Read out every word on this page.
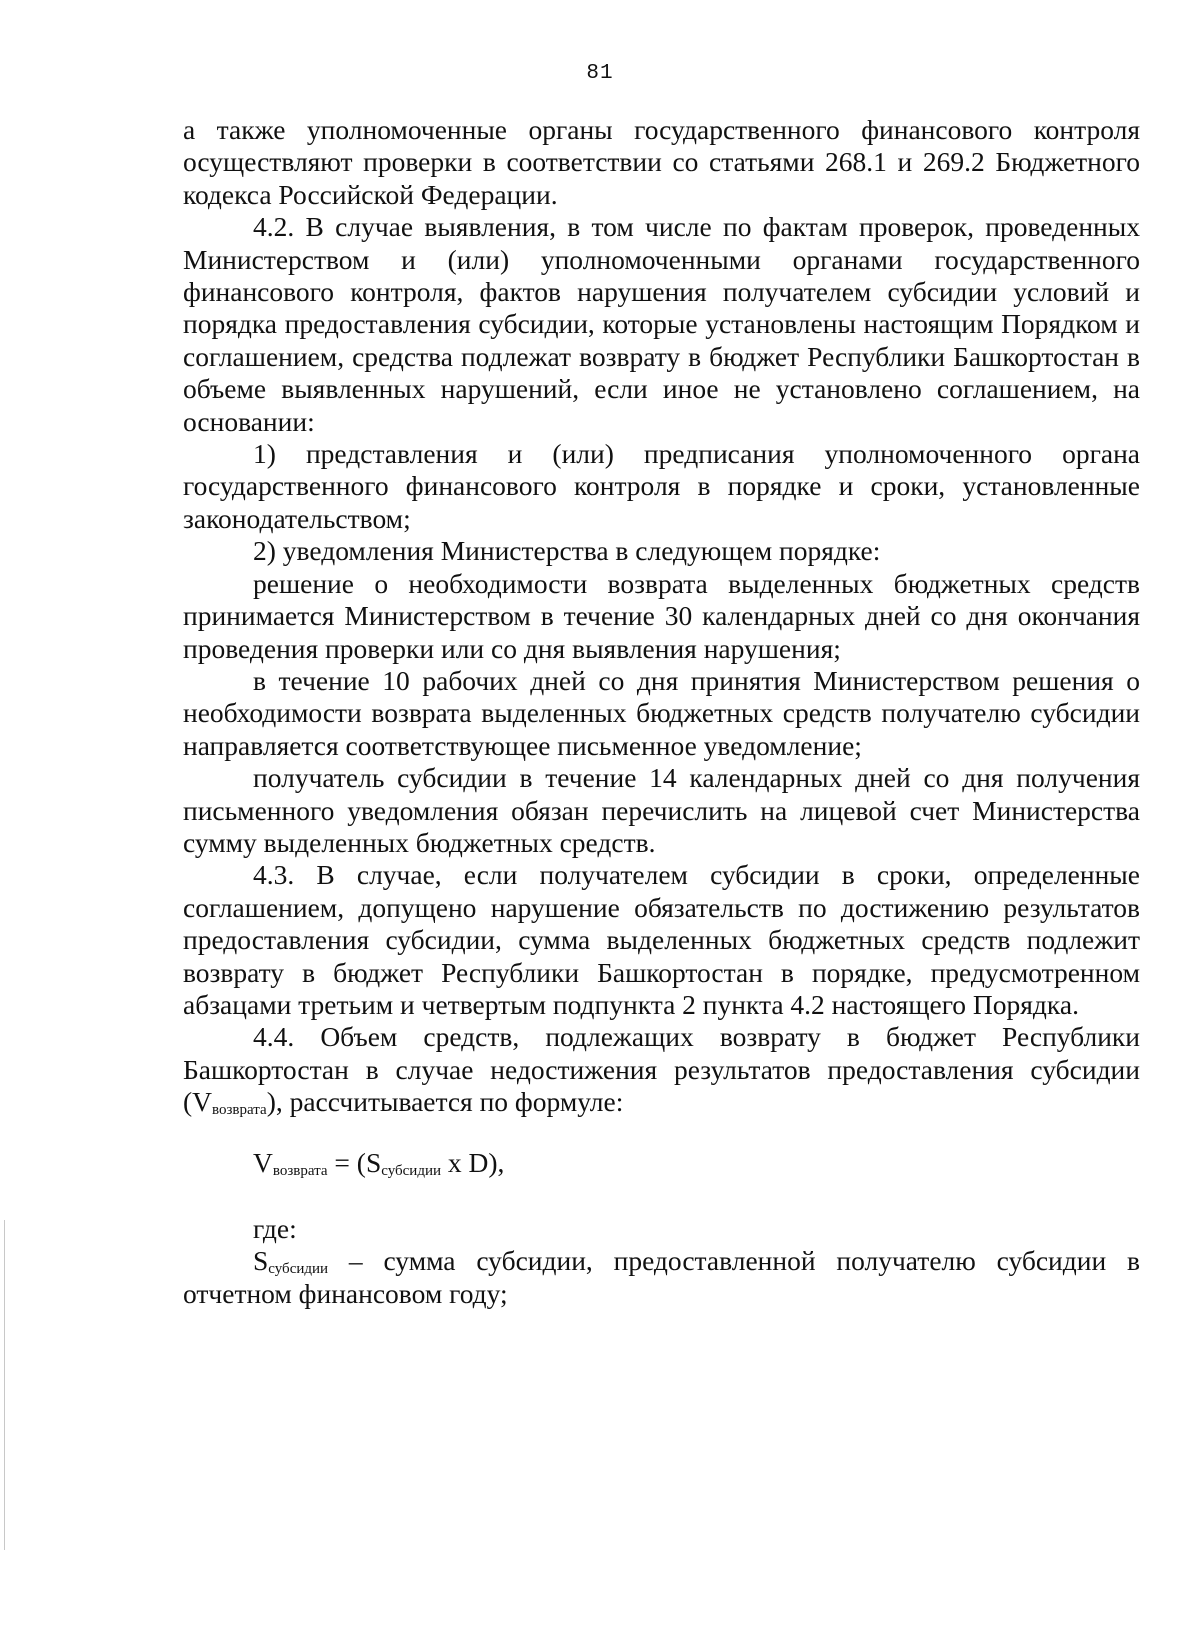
81

а также уполномоченные органы государственного финансового контроля осуществляют проверки в соответствии со статьями 268.1 и 269.2 Бюджетного кодекса Российской Федерации.

4.2. В случае выявления, в том числе по фактам проверок, проведенных Министерством и (или) уполномоченными органами государственного финансового контроля, фактов нарушения получателем субсидии условий и порядка предоставления субсидии, которые установлены настоящим Порядком и соглашением, средства подлежат возврату в бюджет Республики Башкортостан в объеме выявленных нарушений, если иное не установлено соглашением, на основании:

1) представления и (или) предписания уполномоченного органа государственного финансового контроля в порядке и сроки, установленные законодательством;

2) уведомления Министерства в следующем порядке:

решение о необходимости возврата выделенных бюджетных средств принимается Министерством в течение 30 календарных дней со дня окончания проведения проверки или со дня выявления нарушения;

в течение 10 рабочих дней со дня принятия Министерством решения о необходимости возврата выделенных бюджетных средств получателю субсидии направляется соответствующее письменное уведомление;

получатель субсидии в течение 14 календарных дней со дня получения письменного уведомления обязан перечислить на лицевой счет Министерства сумму выделенных бюджетных средств.

4.3. В случае, если получателем субсидии в сроки, определенные соглашением, допущено нарушение обязательств по достижению результатов предоставления субсидии, сумма выделенных бюджетных средств подлежит возврату в бюджет Республики Башкортостан в порядке, предусмотренном абзацами третьим и четвертым подпункта 2 пункта 4.2 настоящего Порядка.

4.4. Объем средств, подлежащих возврату в бюджет Республики Башкортостан в случае недостижения результатов предоставления субсидии $(V_{возврата})$, рассчитывается по формуле:

$V_{возврата} = (S_{субсидии}$ x D),

где:

$S_{субсидии}$ – сумма субсидии, предоставленной получателю субсидии в отчетном финансовом году;
